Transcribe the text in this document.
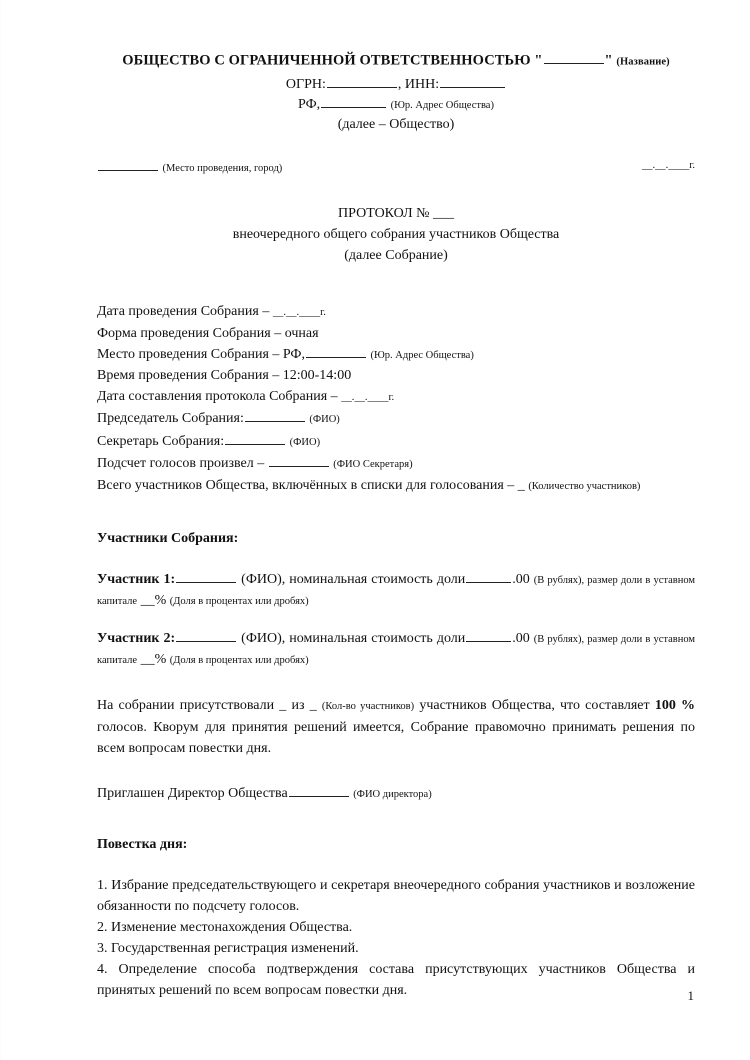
ОБЩЕСТВО С ОГРАНИЧЕННОЙ ОТВЕТСТВЕННОСТЬЮ "	" (Название)
ОГРН:	, ИНН:
РФ,	(Юр. Адрес Общества)
(далее – Общество)
(Место проведения, город)	__.__.____г.
ПРОТОКОЛ № ___
внеочередного общего собрания участников Общества
(далее Собрание)
Дата проведения Собрания – __.__.____г.
Форма проведения Собрания – очная
Место проведения Собрания – РФ,	(Юр. Адрес Общества)
Время проведения Собрания – 12:00-14:00
Дата составления протокола Собрания – __.__.____г.
Председатель Собрания:	(ФИО)
Секретарь Собрания:	(ФИО)
Подсчет голосов произвел –	(ФИО Секретаря)
Всего участников Общества, включённых в списки для голосования – _ (Количество участников)
Участники Собрания:
Участник 1:	(ФИО), номинальная стоимость доли	.00 (В рублях), размер доли в уставном капитале __% (Доля в процентах или дробях)
Участник 2:	(ФИО), номинальная стоимость доли	.00 (В рублях), размер доли в уставном капитале __% (Доля в процентах или дробях)
На собрании присутствовали _ из _ (Кол-во участников) участников Общества, что составляет 100 % голосов. Кворум для принятия решений имеется, Собрание правомочно принимать решения по всем вопросам повестки дня.
Приглашен Директор Общества	(ФИО директора)
Повестка дня:
1. Избрание председательствующего и секретаря внеочередного собрания участников и возложение обязанности по подсчету голосов.
2. Изменение местонахождения Общества.
3. Государственная регистрация изменений.
4. Определение способа подтверждения состава присутствующих участников Общества и принятых решений по всем вопросам повестки дня.	1
